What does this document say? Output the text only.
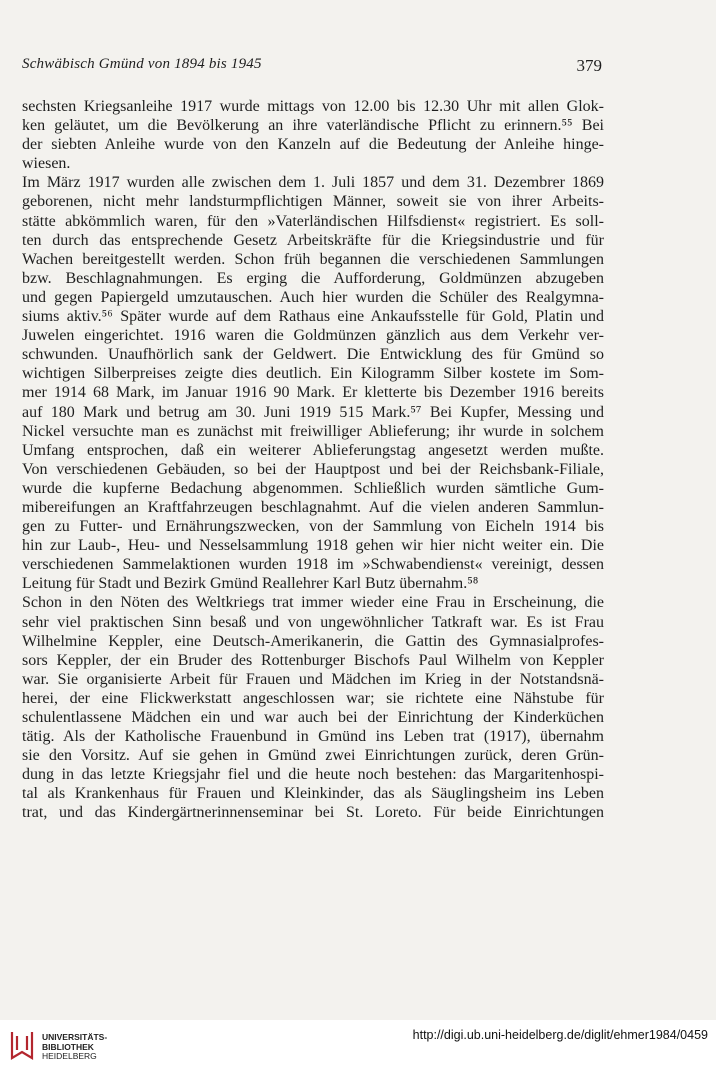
Schwäbisch Gmünd von 1894 bis 1945	379
sechsten Kriegsanleihe 1917 wurde mittags von 12.00 bis 12.30 Uhr mit allen Glok-
ken geläutet, um die Bevölkerung an ihre vaterländische Pflicht zu erinnern.⁵⁵ Bei
der siebten Anleihe wurde von den Kanzeln auf die Bedeutung der Anleihe hinge-
wiesen.
Im März 1917 wurden alle zwischen dem 1. Juli 1857 und dem 31. Dezembrer 1869
geborenen, nicht mehr landsturmpflichtigen Männer, soweit sie von ihrer Arbeits-
stätte abkömmlich waren, für den »Vaterländischen Hilfsdienst« registriert. Es soll-
ten durch das entsprechende Gesetz Arbeitskräfte für die Kriegsindustrie und für
Wachen bereitgestellt werden. Schon früh begannen die verschiedenen Sammlungen
bzw. Beschlagnahmungen. Es erging die Aufforderung, Goldmünzen abzugeben
und gegen Papiergeld umzutauschen. Auch hier wurden die Schüler des Realgymna-
siums aktiv.⁵⁶ Später wurde auf dem Rathaus eine Ankaufsstelle für Gold, Platin und
Juwelen eingerichtet. 1916 waren die Goldmünzen gänzlich aus dem Verkehr ver-
schwunden. Unaufhörlich sank der Geldwert. Die Entwicklung des für Gmünd so
wichtigen Silberpreises zeigte dies deutlich. Ein Kilogramm Silber kostete im Som-
mer 1914 68 Mark, im Januar 1916 90 Mark. Er kletterte bis Dezember 1916 bereits
auf 180 Mark und betrug am 30. Juni 1919 515 Mark.⁵⁷ Bei Kupfer, Messing und
Nickel versuchte man es zunächst mit freiwilliger Ablieferung; ihr wurde in solchem
Umfang entsprochen, daß ein weiterer Ablieferungstag angesetzt werden mußte.
Von verschiedenen Gebäuden, so bei der Hauptpost und bei der Reichsbank-Filiale,
wurde die kupferne Bedachung abgenommen. Schließlich wurden sämtliche Gum-
mibereifungen an Kraftfahrzeugen beschlagnahmt. Auf die vielen anderen Sammlun-
gen zu Futter- und Ernährungszwecken, von der Sammlung von Eicheln 1914 bis
hin zur Laub-, Heu- und Nesselsammlung 1918 gehen wir hier nicht weiter ein. Die
verschiedenen Sammelaktionen wurden 1918 im »Schwabendienst« vereinigt, dessen
Leitung für Stadt und Bezirk Gmünd Reallehrer Karl Butz übernahm.⁵⁸
Schon in den Nöten des Weltkriegs trat immer wieder eine Frau in Erscheinung, die
sehr viel praktischen Sinn besaß und von ungewöhnlicher Tatkraft war. Es ist Frau
Wilhelmine Keppler, eine Deutsch-Amerikanerin, die Gattin des Gymnasialprofes-
sors Keppler, der ein Bruder des Rottenburger Bischofs Paul Wilhelm von Keppler
war. Sie organisierte Arbeit für Frauen und Mädchen im Krieg in der Notstandsnä-
herei, der eine Flickwerkstatt angeschlossen war; sie richtete eine Nähstube für
schulentlassene Mädchen ein und war auch bei der Einrichtung der Kinderküchen
tätig. Als der Katholische Frauenbund in Gmünd ins Leben trat (1917), übernahm
sie den Vorsitz. Auf sie gehen in Gmünd zwei Einrichtungen zurück, deren Grün-
dung in das letzte Kriegsjahr fiel und die heute noch bestehen: das Margaritenhospi-
tal als Krankenhaus für Frauen und Kleinkinder, das als Säuglingsheim ins Leben
trat, und das Kindergärtnerinnenseminar bei St. Loreto. Für beide Einrichtungen
UNIVERSITÄTS-
BIBLIOTHEK
HEIDELBERG
http://digi.ub.uni-heidelberg.de/diglit/ehmer1984/0459
